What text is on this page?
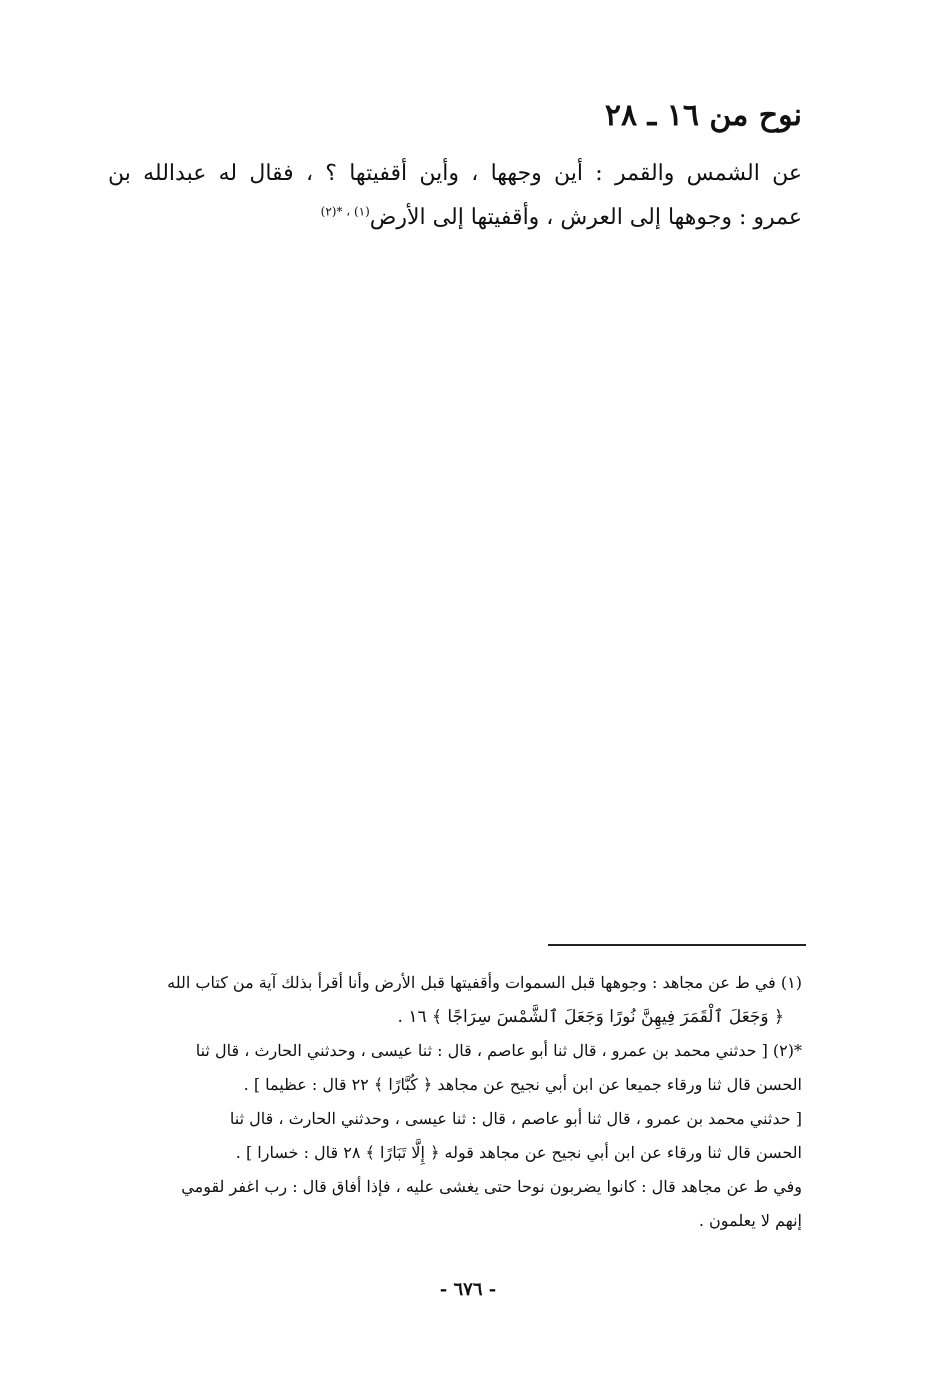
نوح من ١٦ ـ ٢٨
عن الشمس والقمر : أين وجهها ، وأين أقفيتها ؟ ، فقال له عبدالله بن
عمرو : وجوهها إلى العرش ، وأقفيتها إلى الأرض$^{(١) ، *(٢)}$
(١) في ط عن مجاهد : وجوهها قبل السموات وأقفيتها قبل الأرض وأنا أقرأ بذلك آية من كتاب الله
﴿ وَجَعَلَ ٱلْقَمَرَ فِيهِنَّ نُورًا وَجَعَلَ ٱلشَّمْسَ سِرَاجًا ﴾ ١٦ .
*(٢) [ حدثني محمد بن عمرو ، قال ثنا أبو عاصم ، قال : ثنا عيسى ، وحدثني الحارث ، قال ثنا
الحسن قال ثنا ورقاء جميعا عن ابن أبي نجيح عن مجاهد ﴿ كُبَّارًا ﴾ ٢٢ قال : عظيما ] .
[ حدثني محمد بن عمرو ، قال ثنا أبو عاصم ، قال : ثنا عيسى ، وحدثني الحارث ، قال ثنا
الحسن قال ثنا ورقاء عن ابن أبي نجيح عن مجاهد قوله ﴿ إِلَّا تَبَارًا ﴾ ٢٨ قال : خسارا ] .
وفي ط عن مجاهد قال : كانوا يضربون نوحا حتى يغشى عليه ، فإذا أفاق قال : رب اغفر لقومي
إنهم لا يعلمون .
- ٦٧٦ -
